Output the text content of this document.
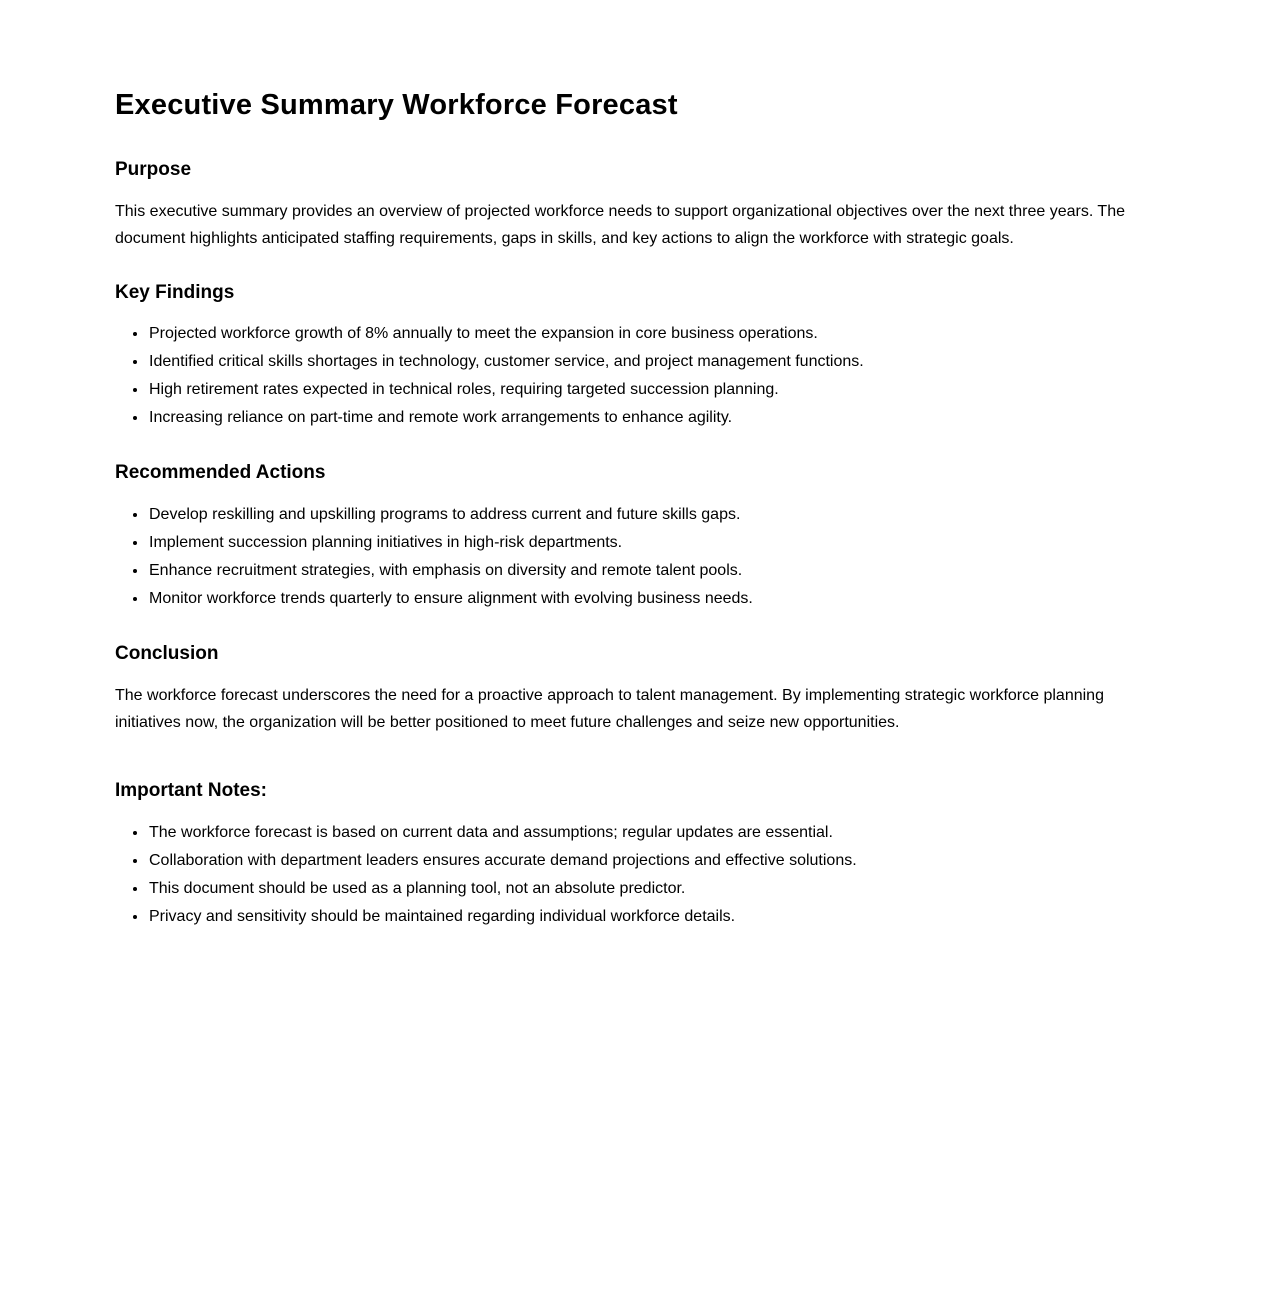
Executive Summary Workforce Forecast
Purpose

This executive summary provides an overview of projected workforce needs to support organizational objectives over the next three years. The document highlights anticipated staffing requirements, gaps in skills, and key actions to align the workforce with strategic goals.

Key Findings
• Projected workforce growth of 8% annually to meet the expansion in core business operations.
• Identified critical skills shortages in technology, customer service, and project management functions.
• High retirement rates expected in technical roles, requiring targeted succession planning.
• Increasing reliance on part-time and remote work arrangements to enhance agility.
Recommended Actions
• Develop reskilling and upskilling programs to address current and future skills gaps.
• Implement succession planning initiatives in high-risk departments.
• Enhance recruitment strategies, with emphasis on diversity and remote talent pools.
• Monitor workforce trends quarterly to ensure alignment with evolving business needs.
Conclusion

The workforce forecast underscores the need for a proactive approach to talent management. By implementing strategic workforce planning initiatives now, the organization will be better positioned to meet future challenges and seize new opportunities.

Important Notes:
• The workforce forecast is based on current data and assumptions; regular updates are essential.
• Collaboration with department leaders ensures accurate demand projections and effective solutions.
• This document should be used as a planning tool, not an absolute predictor.
• Privacy and sensitivity should be maintained regarding individual workforce details.
